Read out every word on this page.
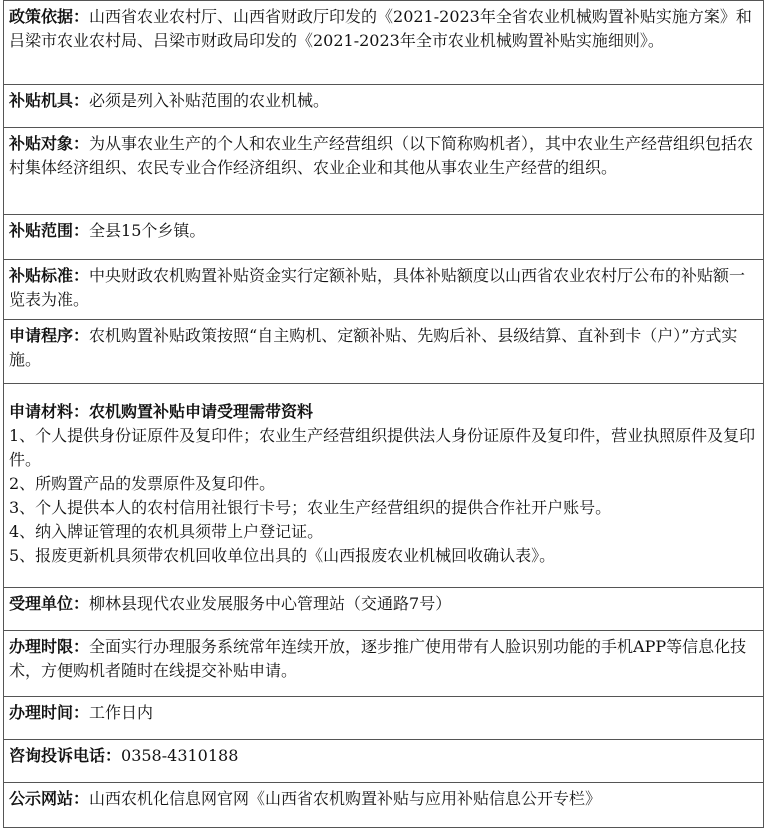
政策依据：山西省农业农村厅、山西省财政厅印发的《2021-2023年全省农业机械购置补贴实施方案》和吕梁市农业农村局、吕梁市财政局印发的《2021-2023年全市农业机械购置补贴实施细则》。
补贴机具：必须是列入补贴范围的农业机械。
补贴对象：为从事农业生产的个人和农业生产经营组织（以下简称购机者），其中农业生产经营组织包括农村集体经济组织、农民专业合作经济组织、农业企业和其他从事农业生产经营的组织。
补贴范围：全县15个乡镇。
补贴标准：中央财政农机购置补贴资金实行定额补贴，具体补贴额度以山西省农业农村厅公布的补贴额一览表为准。
申请程序：农机购置补贴政策按照“自主购机、定额补贴、先购后补、县级结算、直补到卡（户）”方式实施。
申请材料：农机购置补贴申请受理需带资料
1、个人提供身份证原件及复印件；农业生产经营组织提供法人身份证原件及复印件，营业执照原件及复印件。
2、所购置产品的发票原件及复印件。
3、个人提供本人的农村信用社银行卡号；农业生产经营组织的提供合作社开户账号。
4、纳入牌证管理的农机具须带上户登记证。
5、报废更新机具须带农机回收单位出具的《山西报废农业机械回收确认表》。
受理单位：柳林县现代农业发展服务中心管理站（交通路7号）
办理时限：全面实行办理服务系统常年连续开放，逐步推广使用带有人脸识别功能的手机APP等信息化技术，方便购机者随时在线提交补贴申请。
办理时间：工作日内
咨询投诉电话：0358-4310188
公示网站：山西农机化信息网官网《山西省农机购置补贴与应用补贴信息公开专栏》
